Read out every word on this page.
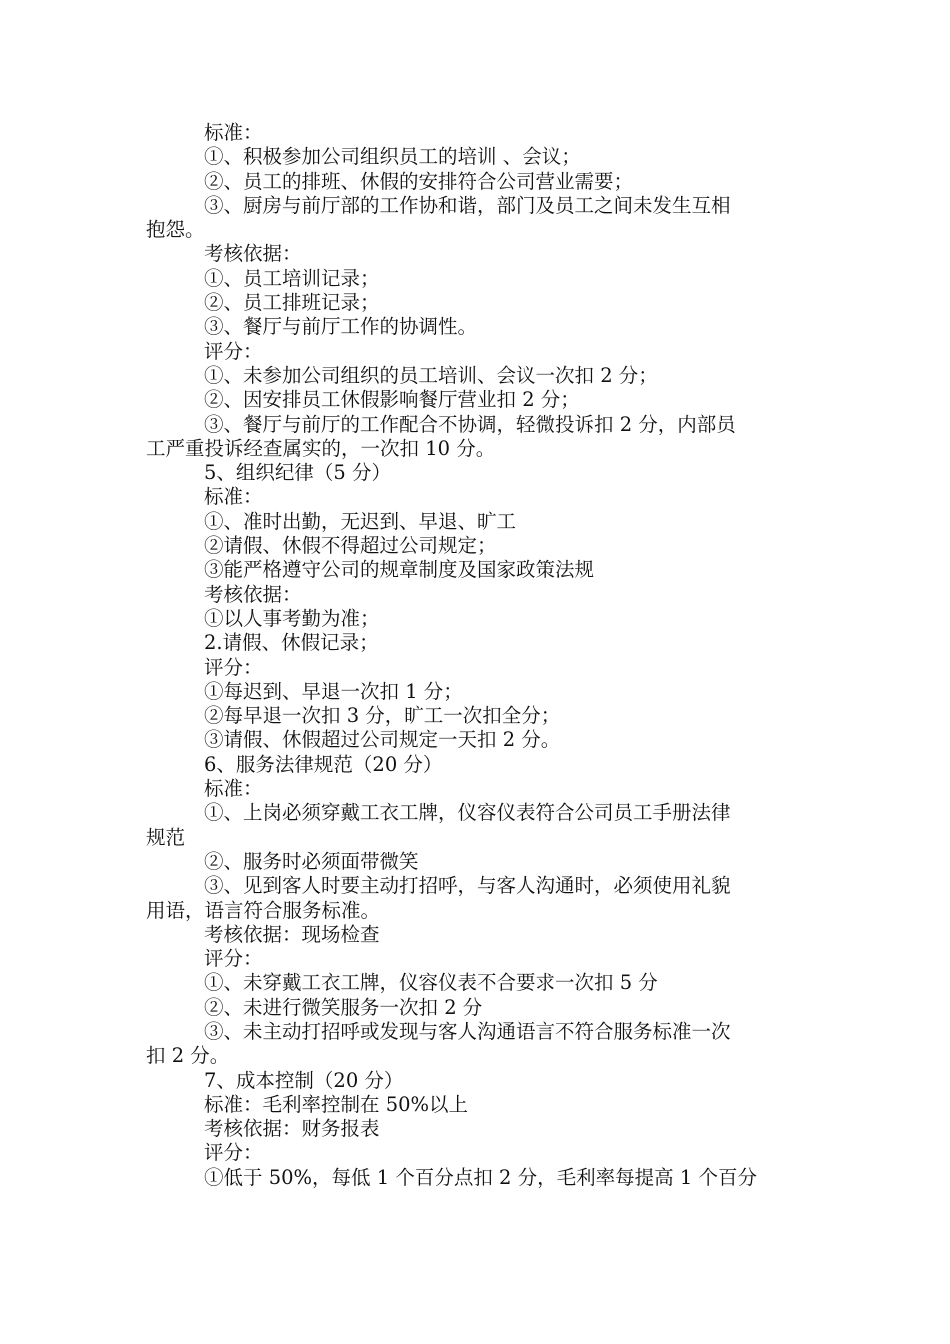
标准：
①、积极参加公司组织员工的培训 、会议；
②、员工的排班、休假的安排符合公司营业需要；
③、厨房与前厅部的工作协和谐，部门及员工之间未发生互相
抱怨。
考核依据：
①、员工培训记录；
②、员工排班记录；
③、餐厅与前厅工作的协调性。
评分：
①、未参加公司组织的员工培训、会议一次扣 2 分；
②、因安排员工休假影响餐厅营业扣 2 分；
③、餐厅与前厅的工作配合不协调，轻微投诉扣 2 分，内部员
工严重投诉经查属实的，一次扣 10 分。
5、组织纪律（5 分）
标准：
①、准时出勤，无迟到、早退、旷工
②请假、休假不得超过公司规定；
③能严格遵守公司的规章制度及国家政策法规
考核依据：
①以人事考勤为准；
2.请假、休假记录；
评分：
①每迟到、早退一次扣 1 分；
②每早退一次扣 3 分，旷工一次扣全分；
③请假、休假超过公司规定一天扣 2 分。
6、服务法律规范（20 分）
标准：
①、上岗必须穿戴工衣工牌，仪容仪表符合公司员工手册法律
规范
②、服务时必须面带微笑
③、见到客人时要主动打招呼，与客人沟通时，必须使用礼貌
用语，语言符合服务标准。
考核依据：现场检查
评分：
①、未穿戴工衣工牌，仪容仪表不合要求一次扣 5 分
②、未进行微笑服务一次扣 2 分
③、未主动打招呼或发现与客人沟通语言不符合服务标准一次
扣 2 分。
7、成本控制（20 分）
标准：毛利率控制在 50%以上
考核依据：财务报表
评分：
①低于 50%，每低 1 个百分点扣 2 分，毛利率每提高 1 个百分
